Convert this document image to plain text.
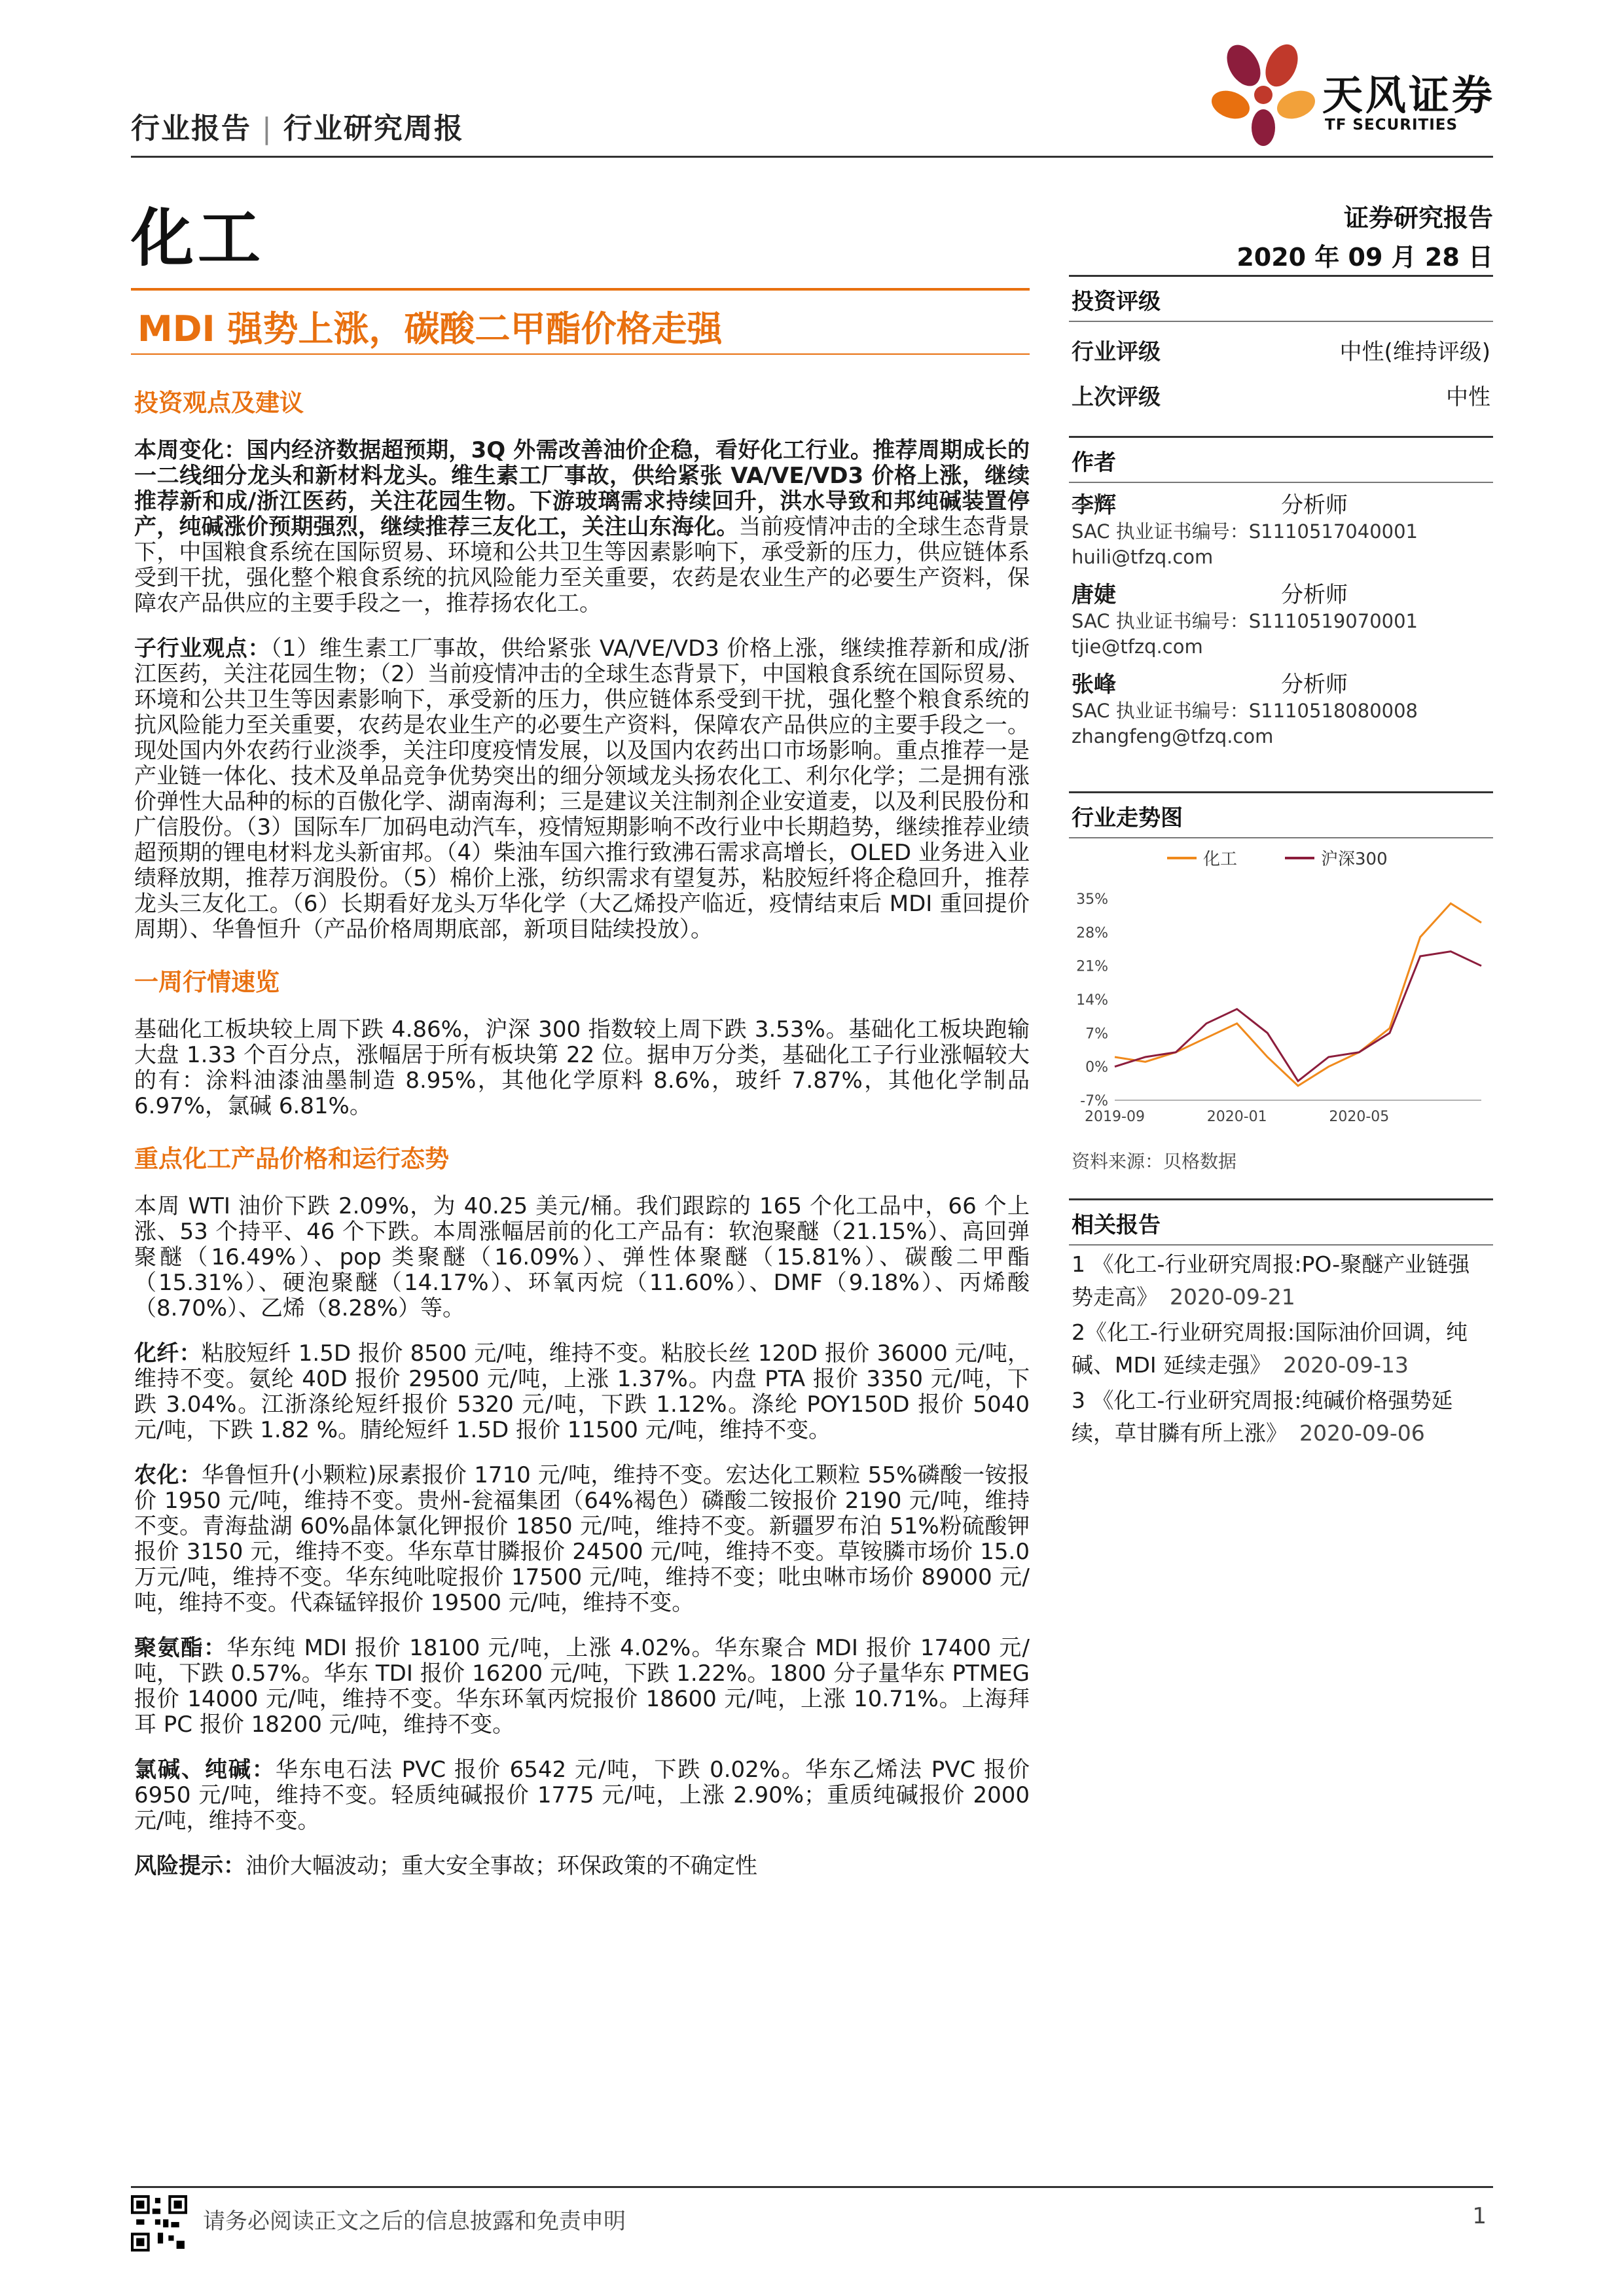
行业报告 | 行业研究周报
天风证券
TF SECURITIES
化工	证券研究报告
2020 年 09 月 28 日
MDI 强势上涨，碳酸二甲酯价格走强
投资观点及建议

本周变化：国内经济数据超预期，3Q 外需改善油价企稳，看好化工行业。推荐周期成长的一二线细分龙头和新材料龙头。维生素工厂事故，供给紧张 VA/VE/VD3 价格上涨，继续推荐新和成/浙江医药，关注花园生物。下游玻璃需求持续回升，洪水导致和邦纯碱装置停产，纯碱涨价预期强烈，继续推荐三友化工，关注山东海化。当前疫情冲击的全球生态背景下，中国粮食系统在国际贸易、环境和公共卫生等因素影响下，承受新的压力，供应链体系受到干扰，强化整个粮食系统的抗风险能力至关重要，农药是农业生产的必要生产资料，保障农产品供应的主要手段之一，推荐扬农化工。

子行业观点：（1）维生素工厂事故，供给紧张 VA/VE/VD3 价格上涨，继续推荐新和成/浙江医药，关注花园生物；（2）当前疫情冲击的全球生态背景下，中国粮食系统在国际贸易、环境和公共卫生等因素影响下，承受新的压力，供应链体系受到干扰，强化整个粮食系统的抗风险能力至关重要，农药是农业生产的必要生产资料，保障农产品供应的主要手段之一。现处国内外农药行业淡季，关注印度疫情发展，以及国内农药出口市场影响。重点推荐一是产业链一体化、技术及单品竞争优势突出的细分领域龙头扬农化工、利尔化学；二是拥有涨价弹性大品种的标的百傲化学、湖南海利；三是建议关注制剂企业安道麦，以及利民股份和广信股份。（3）国际车厂加码电动汽车，疫情短期影响不改行业中长期趋势，继续推荐业绩超预期的锂电材料龙头新宙邦。（4）柴油车国六推行致沸石需求高增长，OLED 业务进入业绩释放期，推荐万润股份。（5）棉价上涨，纺织需求有望复苏，粘胶短纤将企稳回升，推荐龙头三友化工。（6）长期看好龙头万华化学（大乙烯投产临近，疫情结束后 MDI 重回提价周期）、华鲁恒升（产品价格周期底部，新项目陆续投放）。

一周行情速览

基础化工板块较上周下跌 4.86%，沪深 300 指数较上周下跌 3.53%。基础化工板块跑输大盘 1.33 个百分点，涨幅居于所有板块第 22 位。据申万分类，基础化工子行业涨幅较大的有：涂料油漆油墨制造 8.95%，其他化学原料 8.6%，玻纤 7.87%，其他化学制品 6.97%，氯碱 6.81%。

重点化工产品价格和运行态势

本周 WTI 油价下跌 2.09%，为 40.25 美元/桶。我们跟踪的 165 个化工品中，66 个上涨、53 个持平、46 个下跌。本周涨幅居前的化工产品有：软泡聚醚（21.15%）、高回弹聚醚（16.49%）、pop 类聚醚（16.09%）、弹性体聚醚（15.81%）、碳酸二甲酯（15.31%）、硬泡聚醚（14.17%）、环氧丙烷（11.60%）、DMF（9.18%）、丙烯酸（8.70%）、乙烯（8.28%）等。

化纤：粘胶短纤 1.5D 报价 8500 元/吨，维持不变。粘胶长丝 120D 报价 36000 元/吨，维持不变。氨纶 40D 报价 29500 元/吨，上涨 1.37%。内盘 PTA 报价 3350 元/吨，下跌 3.04%。江浙涤纶短纤报价 5320 元/吨，下跌 1.12%。涤纶 POY150D 报价 5040 元/吨，下跌 1.82 %。腈纶短纤 1.5D 报价 11500 元/吨，维持不变。

农化：华鲁恒升(小颗粒)尿素报价 1710 元/吨，维持不变。宏达化工颗粒 55%磷酸一铵报价 1950 元/吨，维持不变。贵州-瓮福集团（64%褐色）磷酸二铵报价 2190 元/吨，维持不变。青海盐湖 60%晶体氯化钾报价 1850 元/吨，维持不变。新疆罗布泊 51%粉硫酸钾报价 3150 元，维持不变。华东草甘膦报价 24500 元/吨，维持不变。草铵膦市场价 15.0 万元/吨，维持不变。华东纯吡啶报价 17500 元/吨，维持不变；吡虫啉市场价 89000 元/吨，维持不变。代森锰锌报价 19500 元/吨，维持不变。

聚氨酯：华东纯 MDI 报价 18100 元/吨，上涨 4.02%。华东聚合 MDI 报价 17400 元/吨，下跌 0.57%。华东 TDI 报价 16200 元/吨，下跌 1.22%。1800 分子量华东 PTMEG 报价 14000 元/吨，维持不变。华东环氧丙烷报价 18600 元/吨，上涨 10.71%。上海拜耳 PC 报价 18200 元/吨，维持不变。

氯碱、纯碱：华东电石法 PVC 报价 6542 元/吨，下跌 0.02%。华东乙烯法 PVC 报价 6950 元/吨，维持不变。轻质纯碱报价 1775 元/吨，上涨 2.90%；重质纯碱报价 2000 元/吨，维持不变。

风险提示：油价大幅波动；重大安全事故；环保政策的不确定性

投资评级
行业评级	中性(维持评级)
上次评级	中性
作者
李辉	分析师
SAC 执业证书编号：S1110517040001
huili@tfzq.com
唐婕	分析师
SAC 执业证书编号：S1110519070001
tjie@tfzq.com
张峰	分析师
SAC 执业证书编号：S1110518080008
zhangfeng@tfzq.com
行业走势图
化工	沪深300
35%
28%
21%
14%
7%
0%
-7%
2019-09	2020-01	2020-05
资料来源：贝格数据
相关报告
1 《化工-行业研究周报:PO-聚醚产业链强势走高》 2020-09-21
2《化工-行业研究周报:国际油价回调，纯碱、MDI 延续走强》 2020-09-13
3 《化工-行业研究周报:纯碱价格强势延续，草甘膦有所上涨》 2020-09-06
请务必阅读正文之后的信息披露和免责申明	1
